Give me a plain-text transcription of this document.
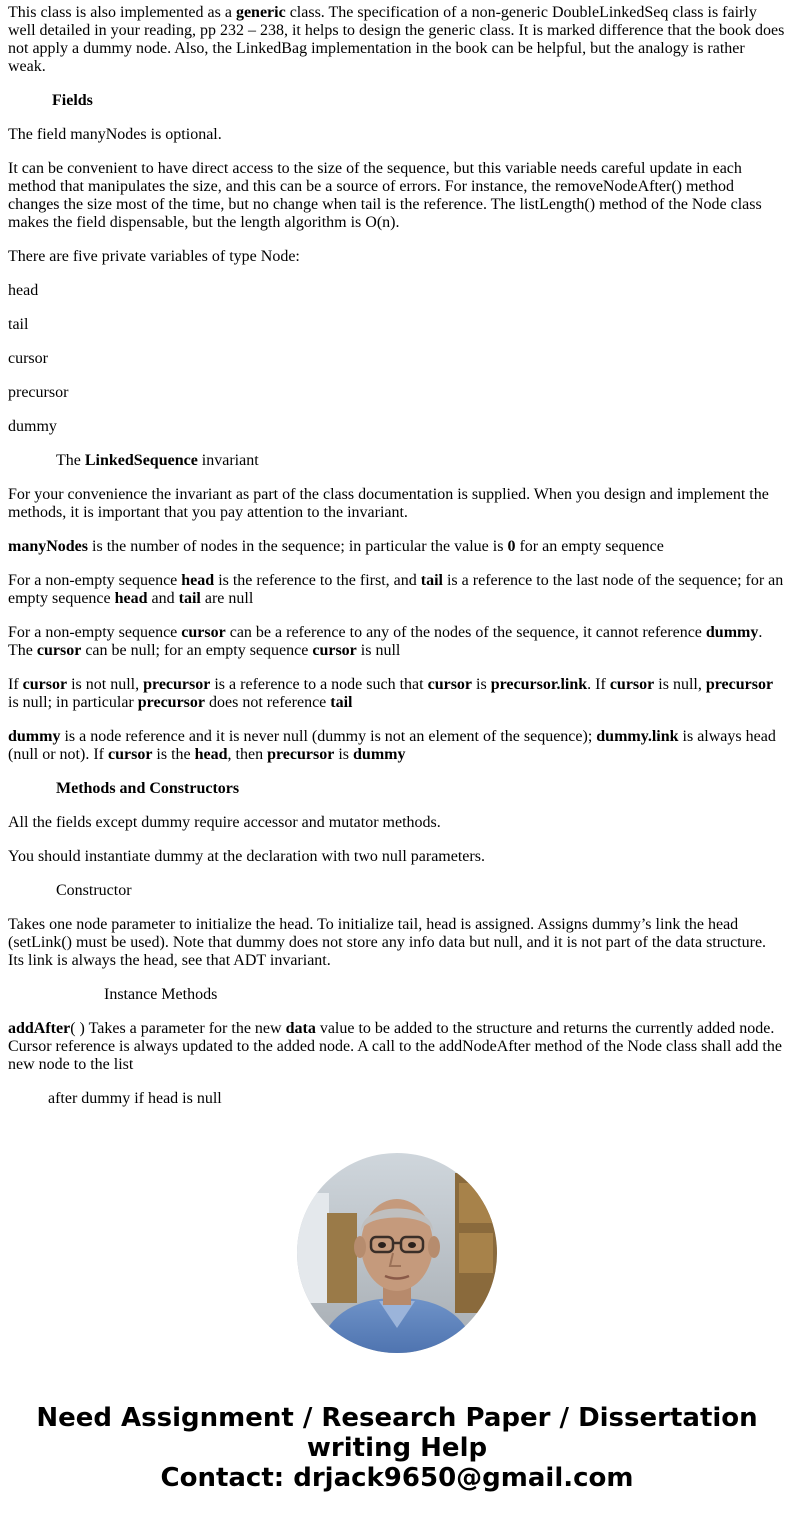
This class is also implemented as a generic class. The specification of a non-generic DoubleLinkedSeq class is fairly well detailed in your reading, pp 232 – 238, it helps to design the generic class. It is marked difference that the book does not apply a dummy node. Also, the LinkedBag implementation in the book can be helpful, but the analogy is rather weak.

Fields

The field manyNodes is optional.

It can be convenient to have direct access to the size of the sequence, but this variable needs careful update in each method that manipulates the size, and this can be a source of errors. For instance, the removeNodeAfter() method changes the size most of the time, but no change when tail is the reference. The listLength() method of the Node class makes the field dispensable, but the length algorithm is O(n).

There are five private variables of type Node:

head

tail

cursor

precursor

dummy

The LinkedSequence invariant

For your convenience the invariant as part of the class documentation is supplied. When you design and implement the methods, it is important that you pay attention to the invariant.

manyNodes is the number of nodes in the sequence; in particular the value is 0 for an empty sequence

For a non-empty sequence head is the reference to the first, and tail is a reference to the last node of the sequence; for an empty sequence head and tail are null

For a non-empty sequence cursor can be a reference to any of the nodes of the sequence, it cannot reference dummy. The cursor can be null; for an empty sequence cursor is null

If cursor is not null, precursor is a reference to a node such that cursor is precursor.link. If cursor is null, precursor is null; in particular precursor does not reference tail

dummy is a node reference and it is never null (dummy is not an element of the sequence); dummy.link is always head (null or not). If cursor is the head, then precursor is dummy

Methods and Constructors

All the fields except dummy require accessor and mutator methods.

You should instantiate dummy at the declaration with two null parameters.

Constructor

Takes one node parameter to initialize the head. To initialize tail, head is assigned. Assigns dummy’s link the head (setLink() must be used). Note that dummy does not store any info data but null, and it is not part of the data structure. Its link is always the head, see that ADT invariant.

Instance Methods

addAfter( ) Takes a parameter for the new data value to be added to the structure and returns the currently added node. Cursor reference is always updated to the added node. A call to the addNodeAfter method of the Node class shall add the new node to the list

after dummy if head is null

Need Assignment / Research Paper / Dissertation writing Help
Contact: drjack9650@gmail.com
